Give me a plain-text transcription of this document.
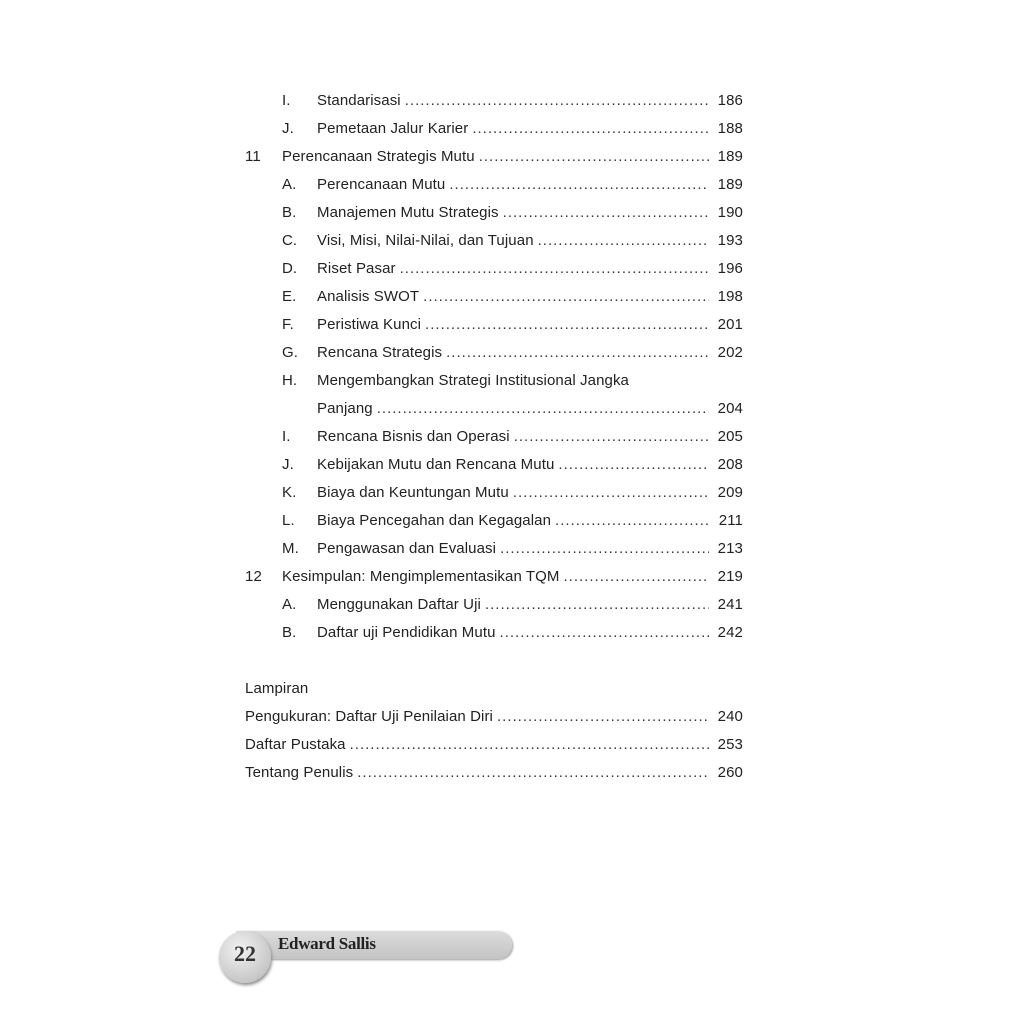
I.	Standarisasi .....	186
J.	Pemetaan Jalur Karier .....	188
11	Perencanaan Strategis Mutu .....	189
A.	Perencanaan Mutu .....	189
B.	Manajemen Mutu Strategis .....	190
C.	Visi, Misi, Nilai-Nilai, dan Tujuan .....	193
D.	Riset Pasar .....	196
E.	Analisis SWOT .....	198
F.	Peristiwa Kunci .....	201
G.	Rencana Strategis .....	202
H.	Mengembangkan Strategi Institusional Jangka
Panjang .....	204
I.	Rencana Bisnis dan Operasi .....	205
J.	Kebijakan Mutu dan Rencana Mutu .....	208
K.	Biaya dan Keuntungan Mutu .....	209
L.	Biaya Pencegahan dan Kegagalan .....	211
M.	Pengawasan dan Evaluasi .....	213
12	Kesimpulan: Mengimplementasikan TQM .....	219
A.	Menggunakan Daftar Uji .....	241
B.	Daftar uji Pendidikan Mutu .....	242
Lampiran
Pengukuran: Daftar Uji Penilaian Diri .....	240
Daftar Pustaka .....	253
Tentang Penulis .....	260
Edward Sallis
22
